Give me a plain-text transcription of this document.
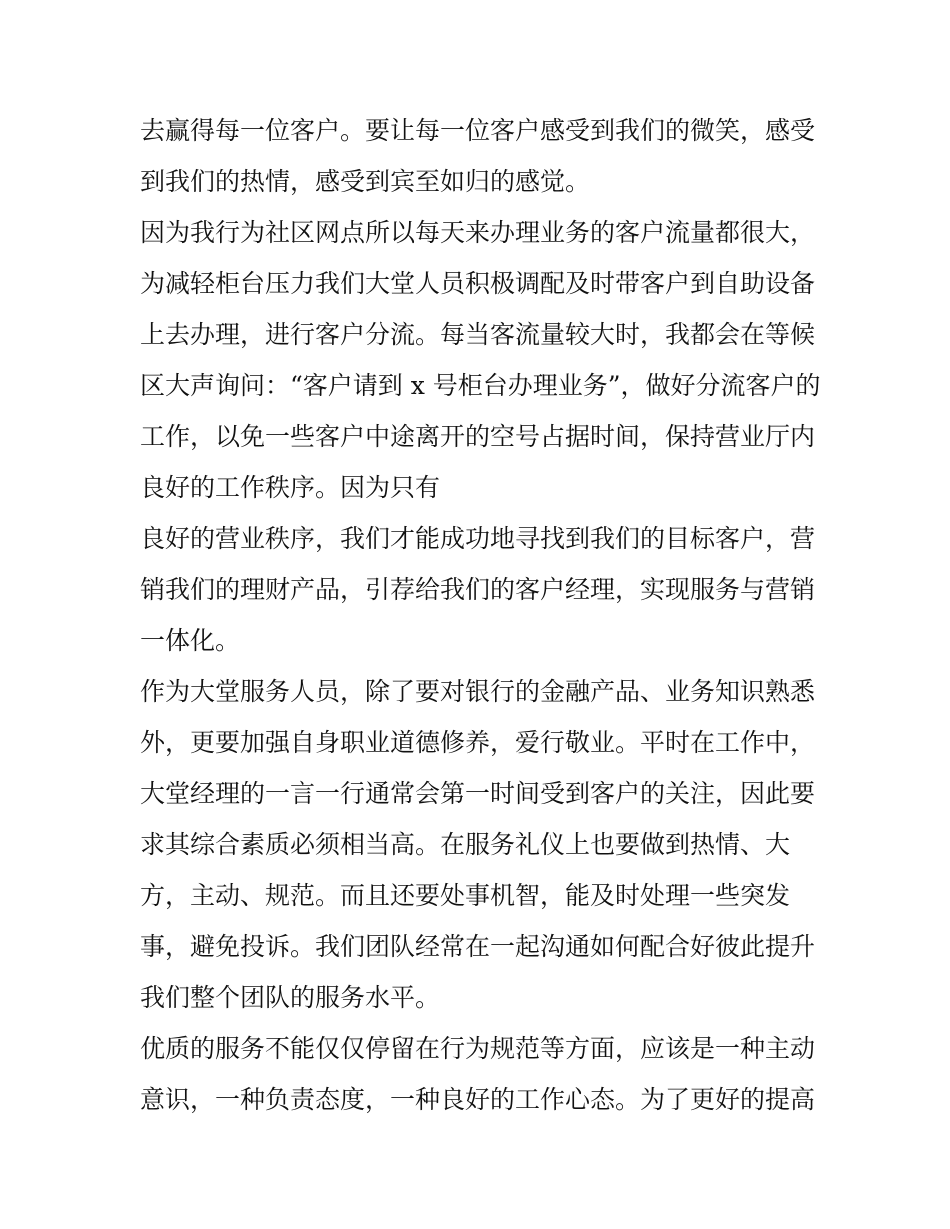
去赢得每一位客户。要让每一位客户感受到我们的微笑，感受

到我们的热情，感受到宾至如归的感觉。

因为我行为社区网点所以每天来办理业务的客户流量都很大，

为减轻柜台压力我们大堂人员积极调配及时带客户到自助设备

上去办理，进行客户分流。每当客流量较大时，我都会在等候

区大声询问：“客户请到 x 号柜台办理业务”，做好分流客户的

工作，以免一些客户中途离开的空号占据时间，保持营业厅内

良好的工作秩序。因为只有

良好的营业秩序，我们才能成功地寻找到我们的目标客户，营

销我们的理财产品，引荐给我们的客户经理，实现服务与营销

一体化。

作为大堂服务人员，除了要对银行的金融产品、业务知识熟悉

外，更要加强自身职业道德修养，爱行敬业。平时在工作中，

大堂经理的一言一行通常会第一时间受到客户的关注，因此要

求其综合素质必须相当高。在服务礼仪上也要做到热情、大

方，主动、规范。而且还要处事机智，能及时处理一些突发

事，避免投诉。我们团队经常在一起沟通如何配合好彼此提升

我们整个团队的服务水平。

优质的服务不能仅仅停留在行为规范等方面，应该是一种主动

意识，一种负责态度，一种良好的工作心态。为了更好的提高
